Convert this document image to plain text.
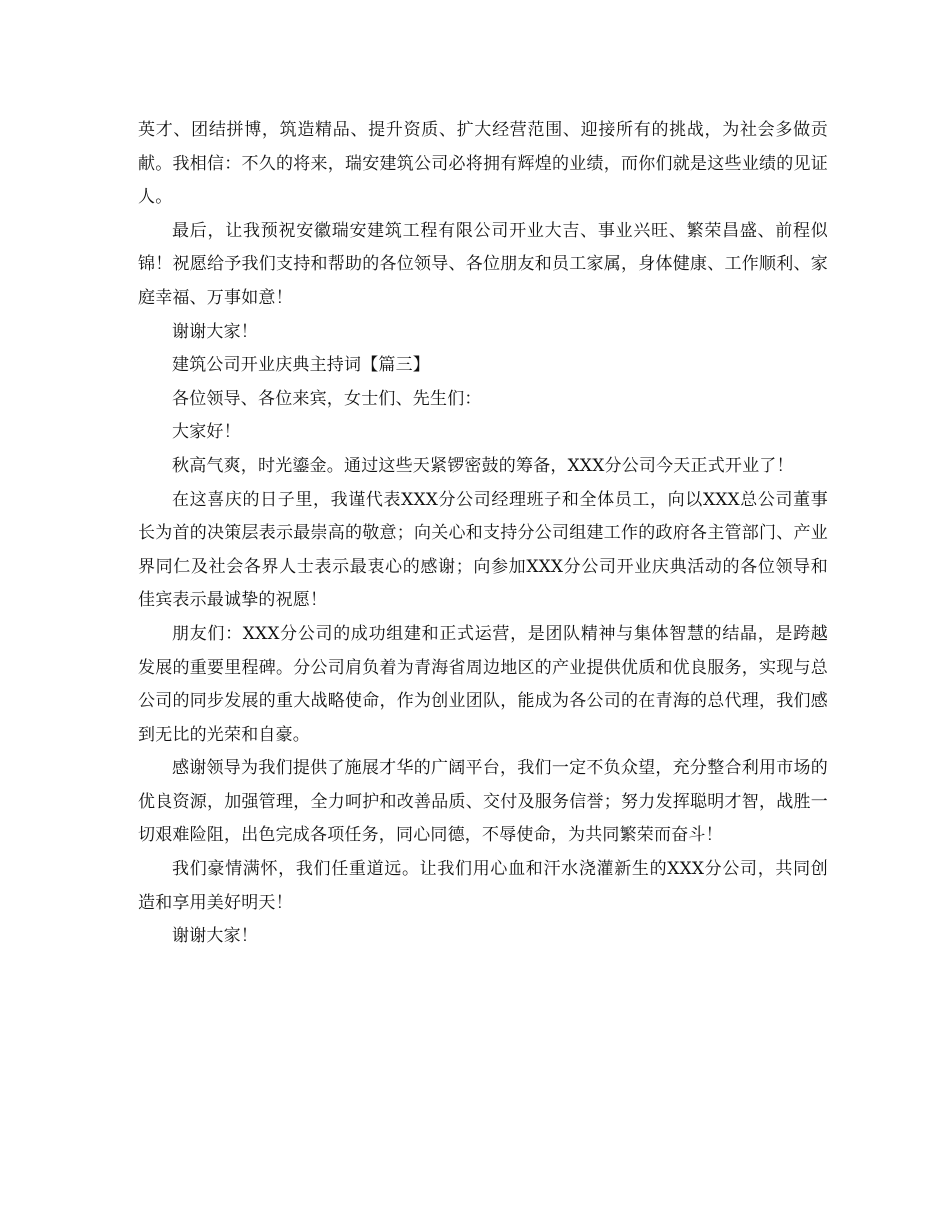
英才、团结拼博，筑造精品、提升资质、扩大经营范围、迎接所有的挑战，为社会多做贡献。我相信：不久的将来，瑞安建筑公司必将拥有辉煌的业绩，而你们就是这些业绩的见证人。

最后，让我预祝安徽瑞安建筑工程有限公司开业大吉、事业兴旺、繁荣昌盛、前程似锦！祝愿给予我们支持和帮助的各位领导、各位朋友和员工家属，身体健康、工作顺利、家庭幸福、万事如意！

谢谢大家！

建筑公司开业庆典主持词【篇三】

各位领导、各位来宾，女士们、先生们：

大家好！

秋高气爽，时光鎏金。通过这些天紧锣密鼓的筹备，XXX分公司今天正式开业了！

在这喜庆的日子里，我谨代表XXX分公司经理班子和全体员工，向以XXX总公司董事长为首的决策层表示最崇高的敬意；向关心和支持分公司组建工作的政府各主管部门、产业界同仁及社会各界人士表示最衷心的感谢；向参加XXX分公司开业庆典活动的各位领导和佳宾表示最诚挚的祝愿！

朋友们：XXX分公司的成功组建和正式运营，是团队精神与集体智慧的结晶，是跨越发展的重要里程碑。分公司肩负着为青海省周边地区的产业提供优质和优良服务，实现与总公司的同步发展的重大战略使命，作为创业团队，能成为各公司的在青海的总代理，我们感到无比的光荣和自豪。

感谢领导为我们提供了施展才华的广阔平台，我们一定不负众望，充分整合利用市场的优良资源，加强管理，全力呵护和改善品质、交付及服务信誉；努力发挥聪明才智，战胜一切艰难险阻，出色完成各项任务，同心同德，不辱使命，为共同繁荣而奋斗！

我们豪情满怀，我们任重道远。让我们用心血和汗水浇灌新生的XXX分公司，共同创造和享用美好明天！

谢谢大家！
